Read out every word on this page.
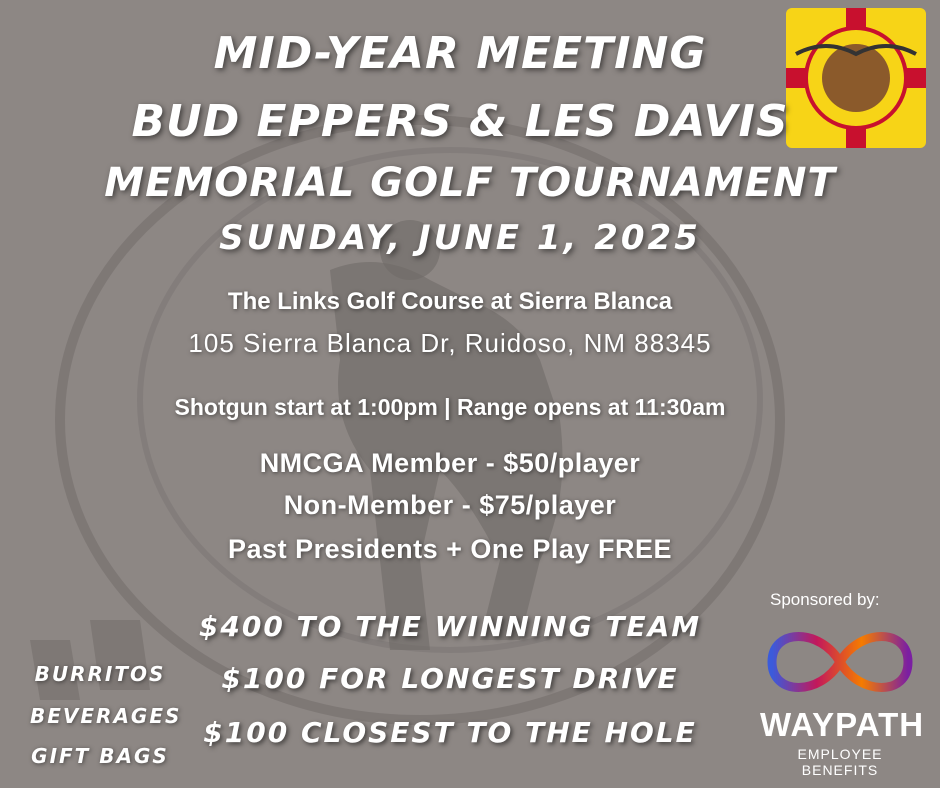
MID-YEAR MEETING
BUD EPPERS & LES DAVIS
MEMORIAL GOLF TOURNAMENT
SUNDAY, JUNE 1, 2025
The Links Golf Course at Sierra Blanca
105 Sierra Blanca Dr, Ruidoso, NM 88345
Shotgun start at 1:00pm | Range opens at 11:30am
NMCGA Member - $50/player
Non-Member - $75/player
Past Presidents + One Play FREE
$400 TO THE WINNING TEAM
$100 FOR LONGEST DRIVE
$100 CLOSEST TO THE HOLE
BURRITOS
BEVERAGES
GIFT BAGS
Sponsored by:
WAYPATH
EMPLOYEE BENEFITS
